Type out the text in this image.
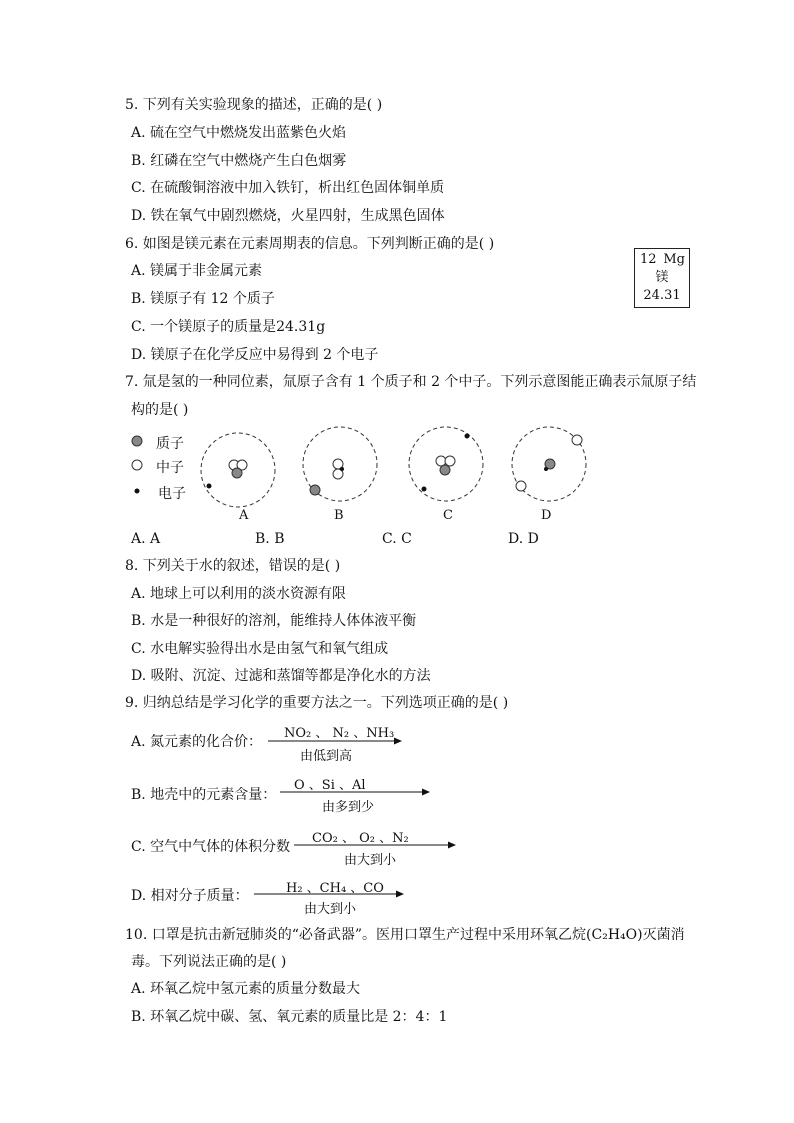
5. 下列有关实验现象的描述，正确的是( )
A. 硫在空气中燃烧发出蓝紫色火焰
B. 红磷在空气中燃烧产生白色烟雾
C. 在硫酸铜溶液中加入铁钉，析出红色固体铜单质
D. 铁在氧气中剧烈燃烧，火星四射，生成黑色固体
6. 如图是镁元素在元素周期表的信息。下列判断正确的是( )
A. 镁属于非金属元素
B. 镁原子有 12 个质子
C. 一个镁原子的质量是24.31g
D. 镁原子在化学反应中易得到 2 个电子
12 Mg
镁
24.31
7. 氚是氢的一种同位素，氚原子含有 1 个质子和 2 个中子。下列示意图能正确表示氚原子结
构的是( )
质子
中子
电子
A	B	C	D
A. A	B. B	C. C	D. D
8. 下列关于水的叙述，错误的是( )
A. 地球上可以利用的淡水资源有限
B. 水是一种很好的溶剂，能维持人体体液平衡
C. 水电解实验得出水是由氢气和氧气组成
D. 吸附、沉淀、过滤和蒸馏等都是净化水的方法
9. 归纳总结是学习化学的重要方法之一。下列选项正确的是( )
A. 氮元素的化合价：
NO₂ 、 N₂ 、NH₃
由低到高
B. 地壳中的元素含量：
O 、Si 、Al
由多到少
C. 空气中气体的体积分数
CO₂ 、 O₂ 、N₂
由大到小
D. 相对分子质量：	H₂ 、CH₄ 、CO
由大到小
10. 口罩是抗击新冠肺炎的“必备武器”。医用口罩生产过程中采用环氧乙烷(C₂H₄O)灭菌消
毒。下列说法正确的是( )
A. 环氧乙烷中氢元素的质量分数最大
B. 环氧乙烷中碳、氢、氧元素的质量比是 2：4：1
